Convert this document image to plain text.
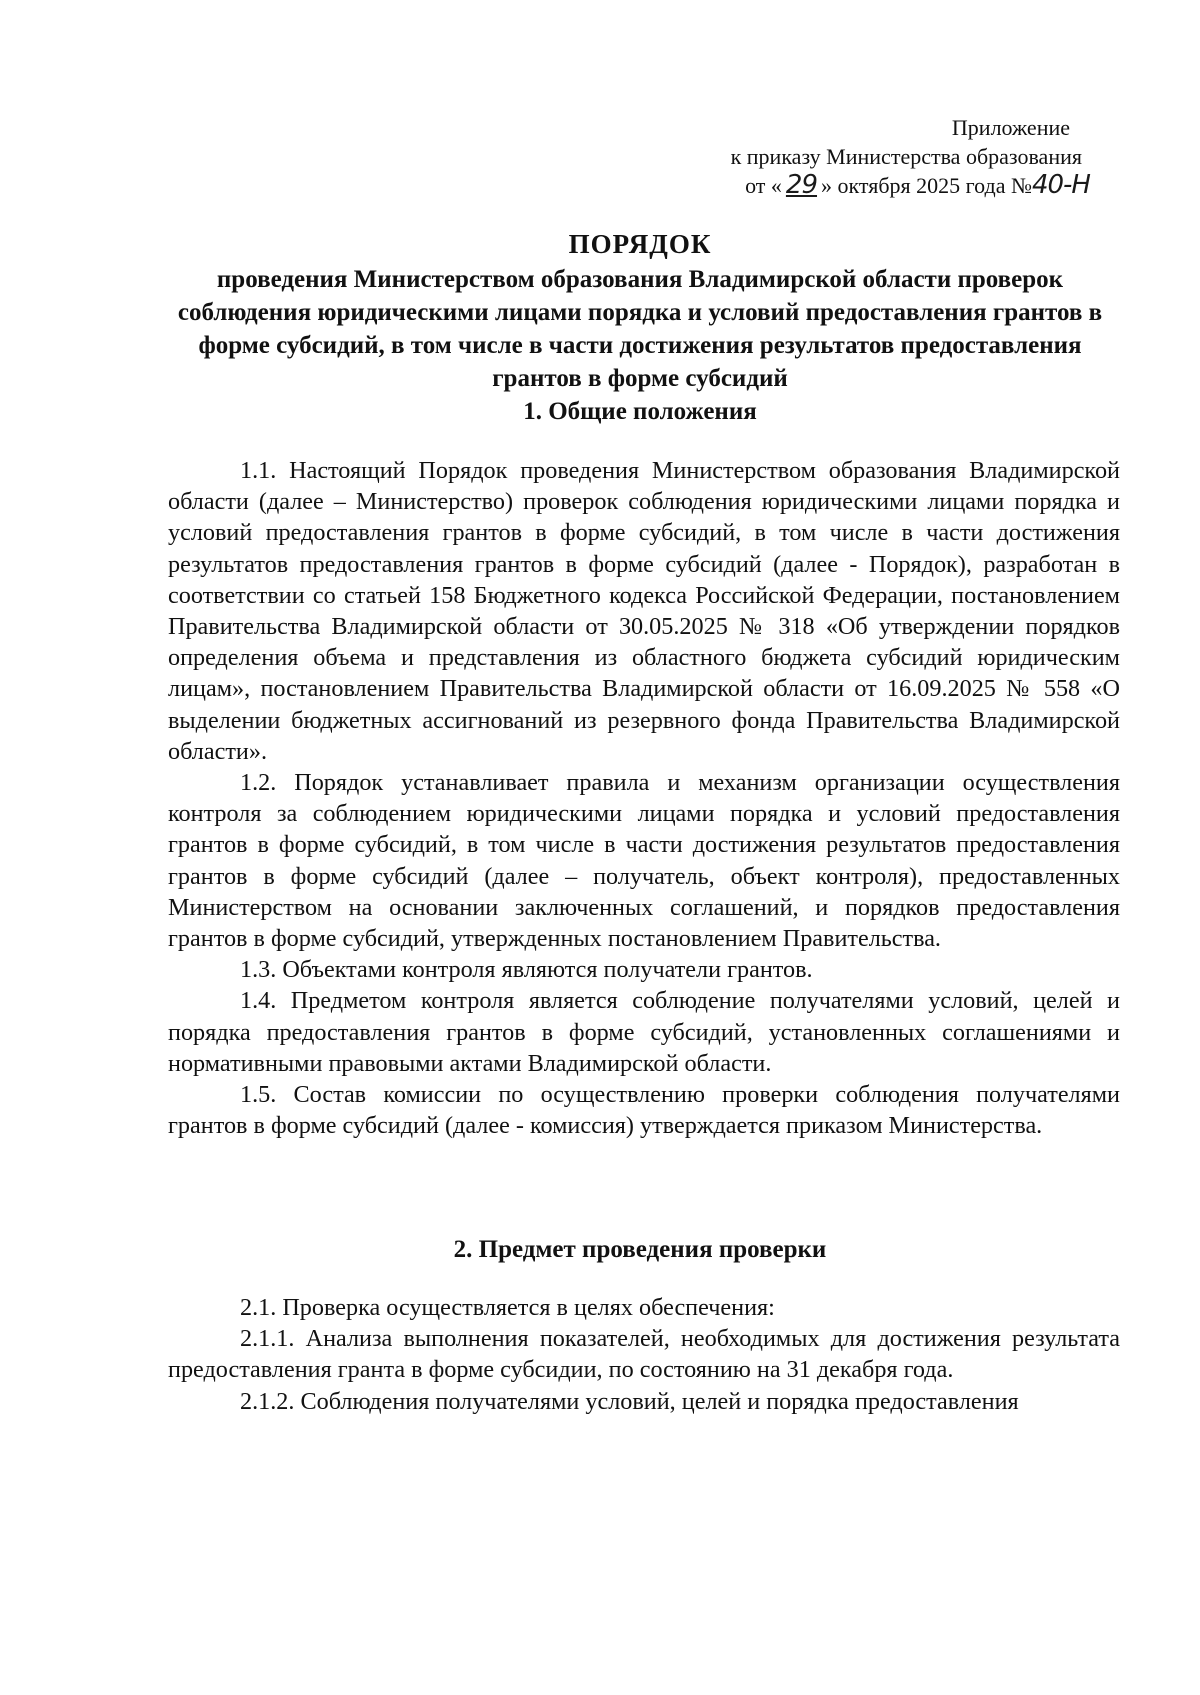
Приложение
к приказу Министерства образования
от « 29 » октября 2025 года №40-Н
ПОРЯДОК
проведения Министерством образования Владимирской области проверок соблюдения юридическими лицами порядка и условий предоставления грантов в форме субсидий, в том числе в части достижения результатов предоставления грантов в форме субсидий
1. Общие положения

1.1. Настоящий Порядок проведения Министерством образования Владимирской области (далее – Министерство) проверок соблюдения юридическими лицами порядка и условий предоставления грантов в форме субсидий, в том числе в части достижения результатов предоставления грантов в форме субсидий (далее - Порядок), разработан в соответствии со статьей 158 Бюджетного кодекса Российской Федерации, постановлением Правительства Владимирской области от 30.05.2025 № 318 «Об утверждении порядков определения объема и представления из областного бюджета субсидий юридическим лицам», постановлением Правительства Владимирской области от 16.09.2025 № 558 «О выделении бюджетных ассигнований из резервного фонда Правительства Владимирской области».

1.2. Порядок устанавливает правила и механизм организации осуществления контроля за соблюдением юридическими лицами порядка и условий предоставления грантов в форме субсидий, в том числе в части достижения результатов предоставления грантов в форме субсидий (далее – получатель, объект контроля), предоставленных Министерством на основании заключенных соглашений, и порядков предоставления грантов в форме субсидий, утвержденных постановлением Правительства.

1.3. Объектами контроля являются получатели грантов.

1.4. Предметом контроля является соблюдение получателями условий, целей и порядка предоставления грантов в форме субсидий, установленных соглашениями и нормативными правовыми актами Владимирской области.

1.5. Состав комиссии по осуществлению проверки соблюдения получателями грантов в форме субсидий (далее - комиссия) утверждается приказом Министерства.

2. Предмет проведения проверки

2.1. Проверка осуществляется в целях обеспечения:

2.1.1. Анализа выполнения показателей, необходимых для достижения результата предоставления гранта в форме субсидии, по состоянию на 31 декабря года.

2.1.2. Соблюдения получателями условий, целей и порядка предоставления
